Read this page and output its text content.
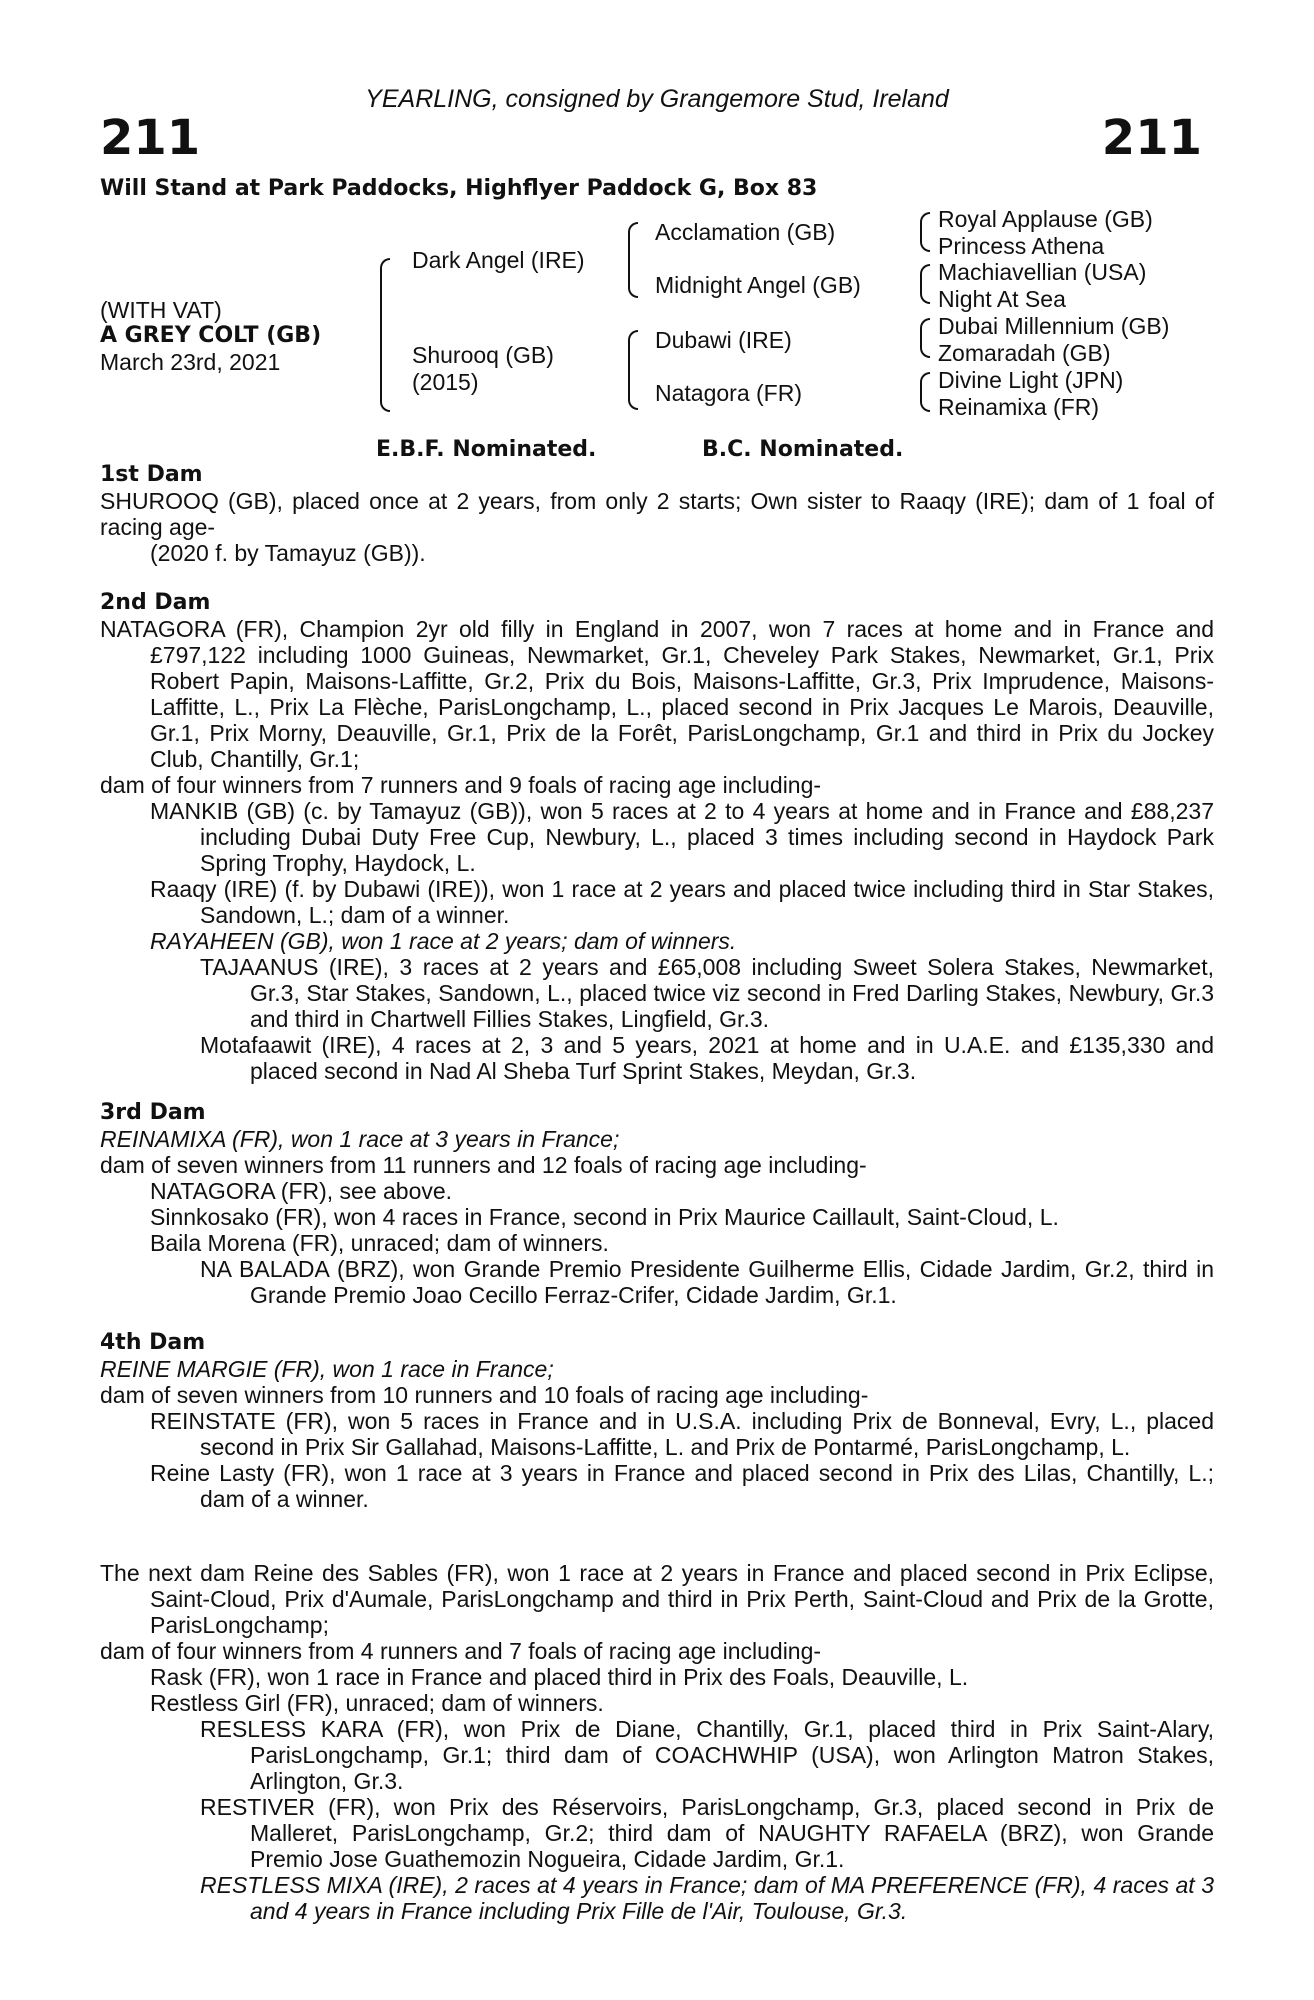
YEARLING, consigned by Grangemore Stud, Ireland
211	211
Will Stand at Park Paddocks, Highflyer Paddock G, Box 83
(WITH VAT)
A GREY COLT (GB)
March 23rd, 2021
Dark Angel (IRE)
Shurooq (GB)
(2015)
Acclamation (GB)
Midnight Angel (GB)
Dubawi (IRE)
Natagora (FR)
Royal Applause (GB)
Princess Athena
Machiavellian (USA)
Night At Sea
Dubai Millennium (GB)
Zomaradah (GB)
Divine Light (JPN)
Reinamixa (FR)
E.B.F. Nominated.	B.C. Nominated.
1st Dam
SHUROOQ (GB), placed once at 2 years, from only 2 starts; Own sister to Raaqy (IRE); dam of 1 foal of racing age-
(2020 f. by Tamayuz (GB)).
2nd Dam
NATAGORA (FR), Champion 2yr old filly in England in 2007, won 7 races at home and in France and £797,122 including 1000 Guineas, Newmarket, Gr.1, Cheveley Park Stakes, Newmarket, Gr.1, Prix Robert Papin, Maisons-Laffitte, Gr.2, Prix du Bois, Maisons-Laffitte, Gr.3, Prix Imprudence, Maisons-Laffitte, L., Prix La Flèche, ParisLongchamp, L., placed second in Prix Jacques Le Marois, Deauville, Gr.1, Prix Morny, Deauville, Gr.1, Prix de la Forêt, ParisLongchamp, Gr.1 and third in Prix du Jockey Club, Chantilly, Gr.1;
dam of four winners from 7 runners and 9 foals of racing age including-
MANKIB (GB) (c. by Tamayuz (GB)), won 5 races at 2 to 4 years at home and in France and £88,237 including Dubai Duty Free Cup, Newbury, L., placed 3 times including second in Haydock Park Spring Trophy, Haydock, L.
Raaqy (IRE) (f. by Dubawi (IRE)), won 1 race at 2 years and placed twice including third in Star Stakes, Sandown, L.; dam of a winner.
RAYAHEEN (GB), won 1 race at 2 years; dam of winners.
TAJAANUS (IRE), 3 races at 2 years and £65,008 including Sweet Solera Stakes, Newmarket, Gr.3, Star Stakes, Sandown, L., placed twice viz second in Fred Darling Stakes, Newbury, Gr.3 and third in Chartwell Fillies Stakes, Lingfield, Gr.3.
Motafaawit (IRE), 4 races at 2, 3 and 5 years, 2021 at home and in U.A.E. and £135,330 and placed second in Nad Al Sheba Turf Sprint Stakes, Meydan, Gr.3.
3rd Dam
REINAMIXA (FR), won 1 race at 3 years in France;
dam of seven winners from 11 runners and 12 foals of racing age including-
NATAGORA (FR), see above.
Sinnkosako (FR), won 4 races in France, second in Prix Maurice Caillault, Saint-Cloud, L.
Baila Morena (FR), unraced; dam of winners.
NA BALADA (BRZ), won Grande Premio Presidente Guilherme Ellis, Cidade Jardim, Gr.2, third in Grande Premio Joao Cecillo Ferraz-Crifer, Cidade Jardim, Gr.1.
4th Dam
REINE MARGIE (FR), won 1 race in France;
dam of seven winners from 10 runners and 10 foals of racing age including-
REINSTATE (FR), won 5 races in France and in U.S.A. including Prix de Bonneval, Evry, L., placed second in Prix Sir Gallahad, Maisons-Laffitte, L. and Prix de Pontarmé, ParisLongchamp, L.
Reine Lasty (FR), won 1 race at 3 years in France and placed second in Prix des Lilas, Chantilly, L.; dam of a winner.
The next dam Reine des Sables (FR), won 1 race at 2 years in France and placed second in Prix Eclipse, Saint-Cloud, Prix d'Aumale, ParisLongchamp and third in Prix Perth, Saint-Cloud and Prix de la Grotte, ParisLongchamp;
dam of four winners from 4 runners and 7 foals of racing age including-
Rask (FR), won 1 race in France and placed third in Prix des Foals, Deauville, L.
Restless Girl (FR), unraced; dam of winners.
RESLESS KARA (FR), won Prix de Diane, Chantilly, Gr.1, placed third in Prix Saint-Alary, ParisLongchamp, Gr.1; third dam of COACHWHIP (USA), won Arlington Matron Stakes, Arlington, Gr.3.
RESTIVER (FR), won Prix des Réservoirs, ParisLongchamp, Gr.3, placed second in Prix de Malleret, ParisLongchamp, Gr.2; third dam of NAUGHTY RAFAELA (BRZ), won Grande Premio Jose Guathemozin Nogueira, Cidade Jardim, Gr.1.
RESTLESS MIXA (IRE), 2 races at 4 years in France; dam of MA PREFERENCE (FR), 4 races at 3 and 4 years in France including Prix Fille de l'Air, Toulouse, Gr.3.
